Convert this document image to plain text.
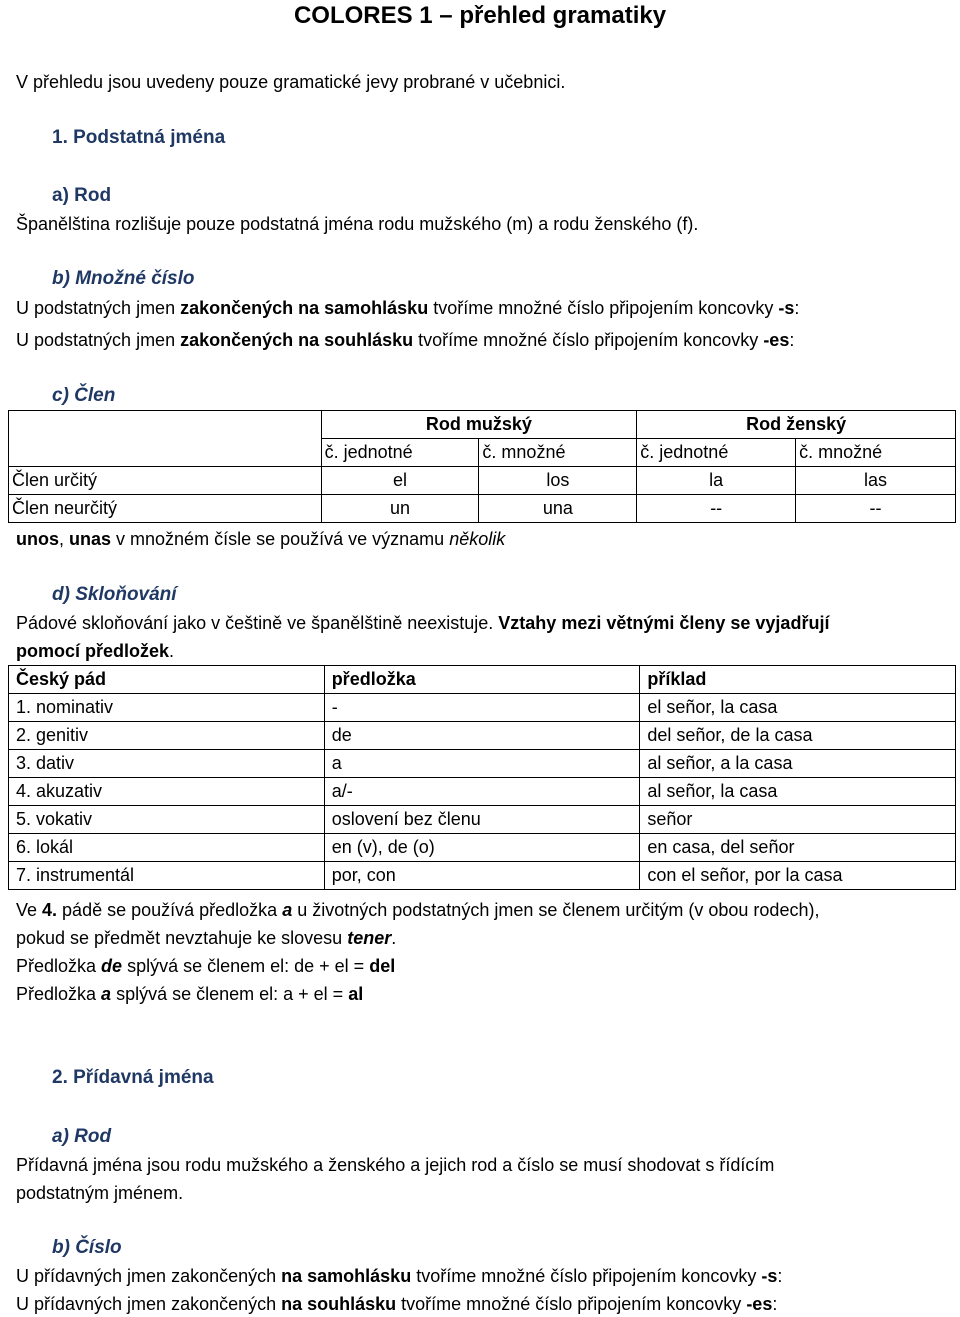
COLORES 1 – přehled gramatiky
V přehledu jsou uvedeny pouze gramatické jevy probrané v učebnici.
1. Podstatná jména
a) Rod
Španělština rozlišuje pouze podstatná jména rodu mužského (m) a rodu ženského (f).
b) Množné číslo
U podstatných jmen zakončených na samohlásku tvoříme množné číslo připojením koncovky -s:
U podstatných jmen zakončených na souhlásku tvoříme množné číslo připojením koncovky -es:
c) Člen
	Rod mužský		Rod ženský	
	č. jednotné	č. množné	č. jednotné	č. množné
Člen určitý	el	los	la	las
Člen neurčitý	un	una	--	--
unos, unas v množném čísle se používá ve významu několik
d) Skloňování
Pádové skloňování jako v češtině ve španělštině neexistuje. Vztahy mezi větnými členy se vyjadřují
pomocí předložek.
Český pád	předložka	příklad
1. nominativ	-	el señor, la casa
2. genitiv	de	del señor, de la casa
3. dativ	a	al señor, a la casa
4. akuzativ	a/-	al señor, la casa
5. vokativ	oslovení bez členu	señor
6. lokál	en (v), de (o)	en casa, del señor
7. instrumentál	por, con	con el señor, por la casa
Ve 4. pádě se používá předložka a u životných podstatných jmen se členem určitým (v obou rodech),
pokud se předmět nevztahuje ke slovesu tener.
Předložka de splývá se členem el: de + el = del
Předložka a splývá se členem el: a + el = al
2. Přídavná jména
a) Rod
Přídavná jména jsou rodu mužského a ženského a jejich rod a číslo se musí shodovat s řídícím
podstatným jménem.
b) Číslo
U přídavných jmen zakončených na samohlásku tvoříme množné číslo připojením koncovky -s:
U přídavných jmen zakončených na souhlásku tvoříme množné číslo připojením koncovky -es:
